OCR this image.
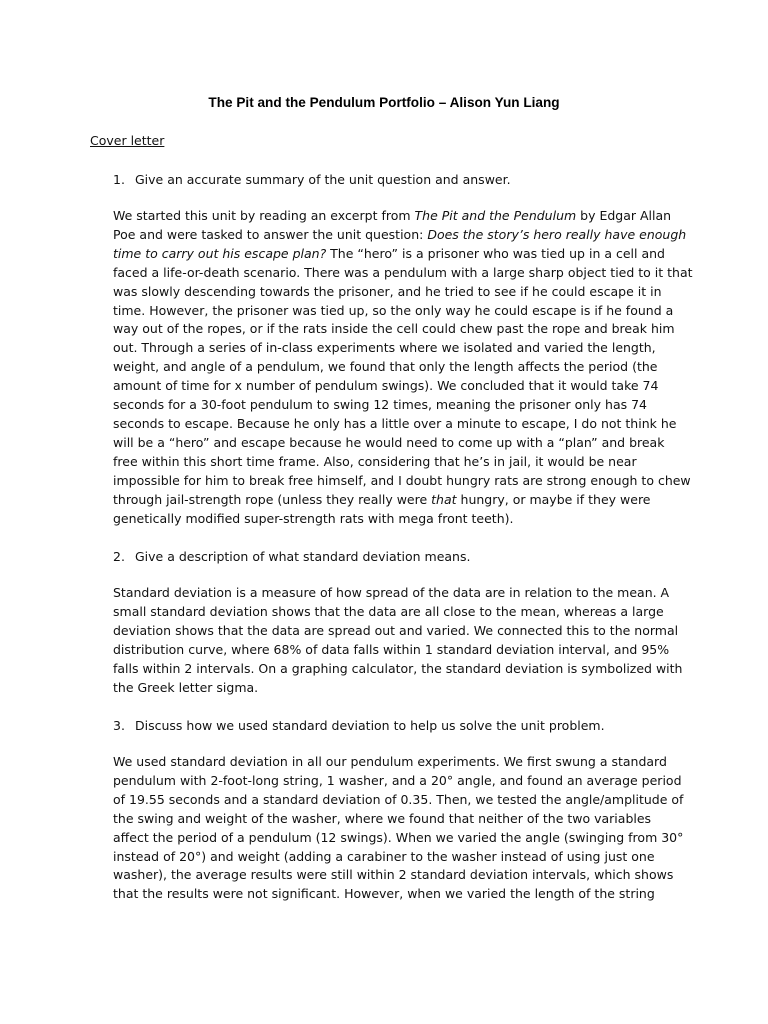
The Pit and the Pendulum Portfolio – Alison Yun Liang
Cover letter
1. Give an accurate summary of the unit question and answer.
We started this unit by reading an excerpt from The Pit and the Pendulum by Edgar Allan
Poe and were tasked to answer the unit question: Does the story’s hero really have enough
time to carry out his escape plan? The “hero” is a prisoner who was tied up in a cell and
faced a life-or-death scenario. There was a pendulum with a large sharp object tied to it that
was slowly descending towards the prisoner, and he tried to see if he could escape it in
time. However, the prisoner was tied up, so the only way he could escape is if he found a
way out of the ropes, or if the rats inside the cell could chew past the rope and break him
out. Through a series of in-class experiments where we isolated and varied the length,
weight, and angle of a pendulum, we found that only the length affects the period (the
amount of time for x number of pendulum swings). We concluded that it would take 74
seconds for a 30-foot pendulum to swing 12 times, meaning the prisoner only has 74
seconds to escape. Because he only has a little over a minute to escape, I do not think he
will be a “hero” and escape because he would need to come up with a “plan” and break
free within this short time frame. Also, considering that he’s in jail, it would be near
impossible for him to break free himself, and I doubt hungry rats are strong enough to chew
through jail-strength rope (unless they really were that hungry, or maybe if they were
genetically modified super-strength rats with mega front teeth).
2. Give a description of what standard deviation means.
Standard deviation is a measure of how spread of the data are in relation to the mean. A
small standard deviation shows that the data are all close to the mean, whereas a large
deviation shows that the data are spread out and varied. We connected this to the normal
distribution curve, where 68% of data falls within 1 standard deviation interval, and 95%
falls within 2 intervals. On a graphing calculator, the standard deviation is symbolized with
the Greek letter sigma.
3. Discuss how we used standard deviation to help us solve the unit problem.
We used standard deviation in all our pendulum experiments. We first swung a standard
pendulum with 2-foot-long string, 1 washer, and a 20° angle, and found an average period
of 19.55 seconds and a standard deviation of 0.35. Then, we tested the angle/amplitude of
the swing and weight of the washer, where we found that neither of the two variables
affect the period of a pendulum (12 swings). When we varied the angle (swinging from 30°
instead of 20°) and weight (adding a carabiner to the washer instead of using just one
washer), the average results were still within 2 standard deviation intervals, which shows
that the results were not significant. However, when we varied the length of the string
